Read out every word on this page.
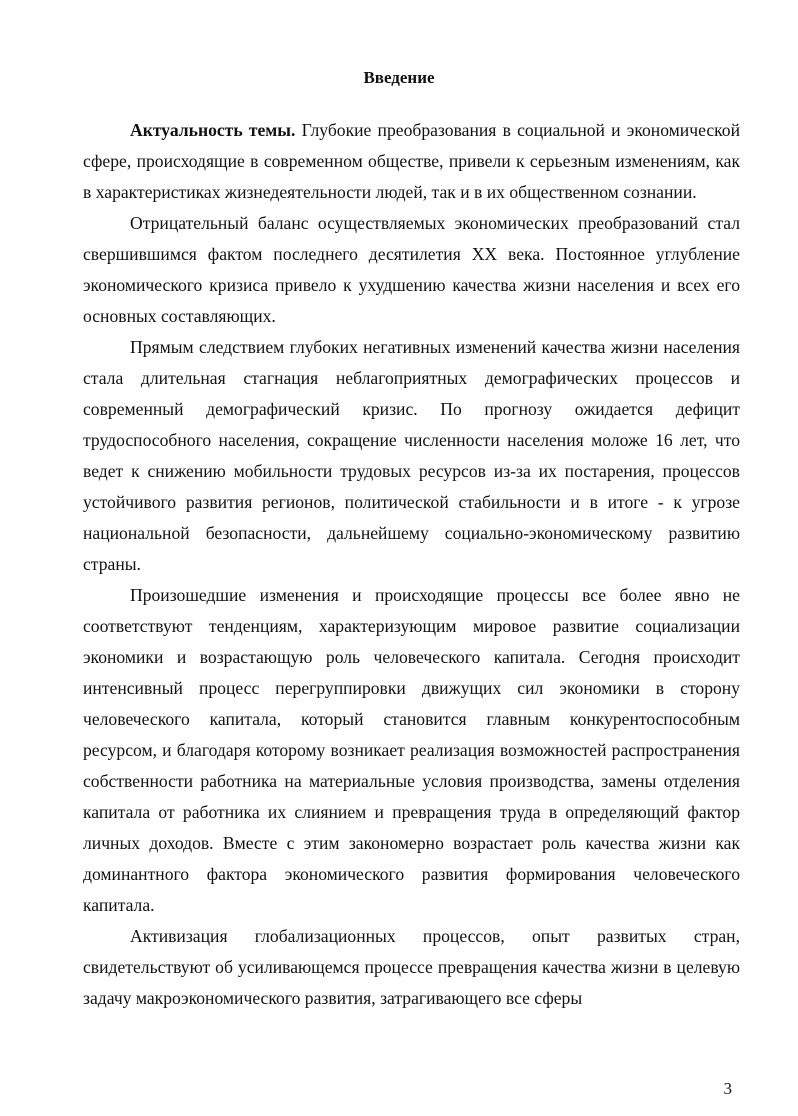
Введение

Актуальность темы. Глубокие преобразования в социальной и экономической сфере, происходящие в современном обществе, привели к серьезным изменениям, как в характеристиках жизнедеятельности людей, так и в их общественном сознании.

Отрицательный баланс осуществляемых экономических преобразований стал свершившимся фактом последнего десятилетия XX века. Постоянное углубление экономического кризиса привело к ухудшению качества жизни населения и всех его основных составляющих.

Прямым следствием глубоких негативных изменений качества жизни населения стала длительная стагнация неблагоприятных демографических процессов и современный демографический кризис. По прогнозу ожидается дефицит трудоспособного населения, сокращение численности населения моложе 16 лет, что ведет к снижению мобильности трудовых ресурсов из-за их постарения, процессов устойчивого развития регионов, политической стабильности и в итоге - к угрозе национальной безопасности, дальнейшему социально-экономическому развитию страны.

Произошедшие изменения и происходящие процессы все более явно не соответствуют тенденциям, характеризующим мировое развитие социализации экономики и возрастающую роль человеческого капитала. Сегодня происходит интенсивный процесс перегруппировки движущих сил экономики в сторону человеческого капитала, который становится главным конкурентоспособным ресурсом, и благодаря которому возникает реализация возможностей распространения собственности работника на материальные условия производства, замены отделения капитала от работника их слиянием и превращения труда в определяющий фактор личных доходов. Вместе с этим закономерно возрастает роль качества жизни как доминантного фактора экономического развития формирования человеческого капитала.

Активизация глобализационных процессов, опыт развитых стран, свидетельствуют об усиливающемся процессе превращения качества жизни в целевую задачу макроэкономического развития, затрагивающего все сферы

3
